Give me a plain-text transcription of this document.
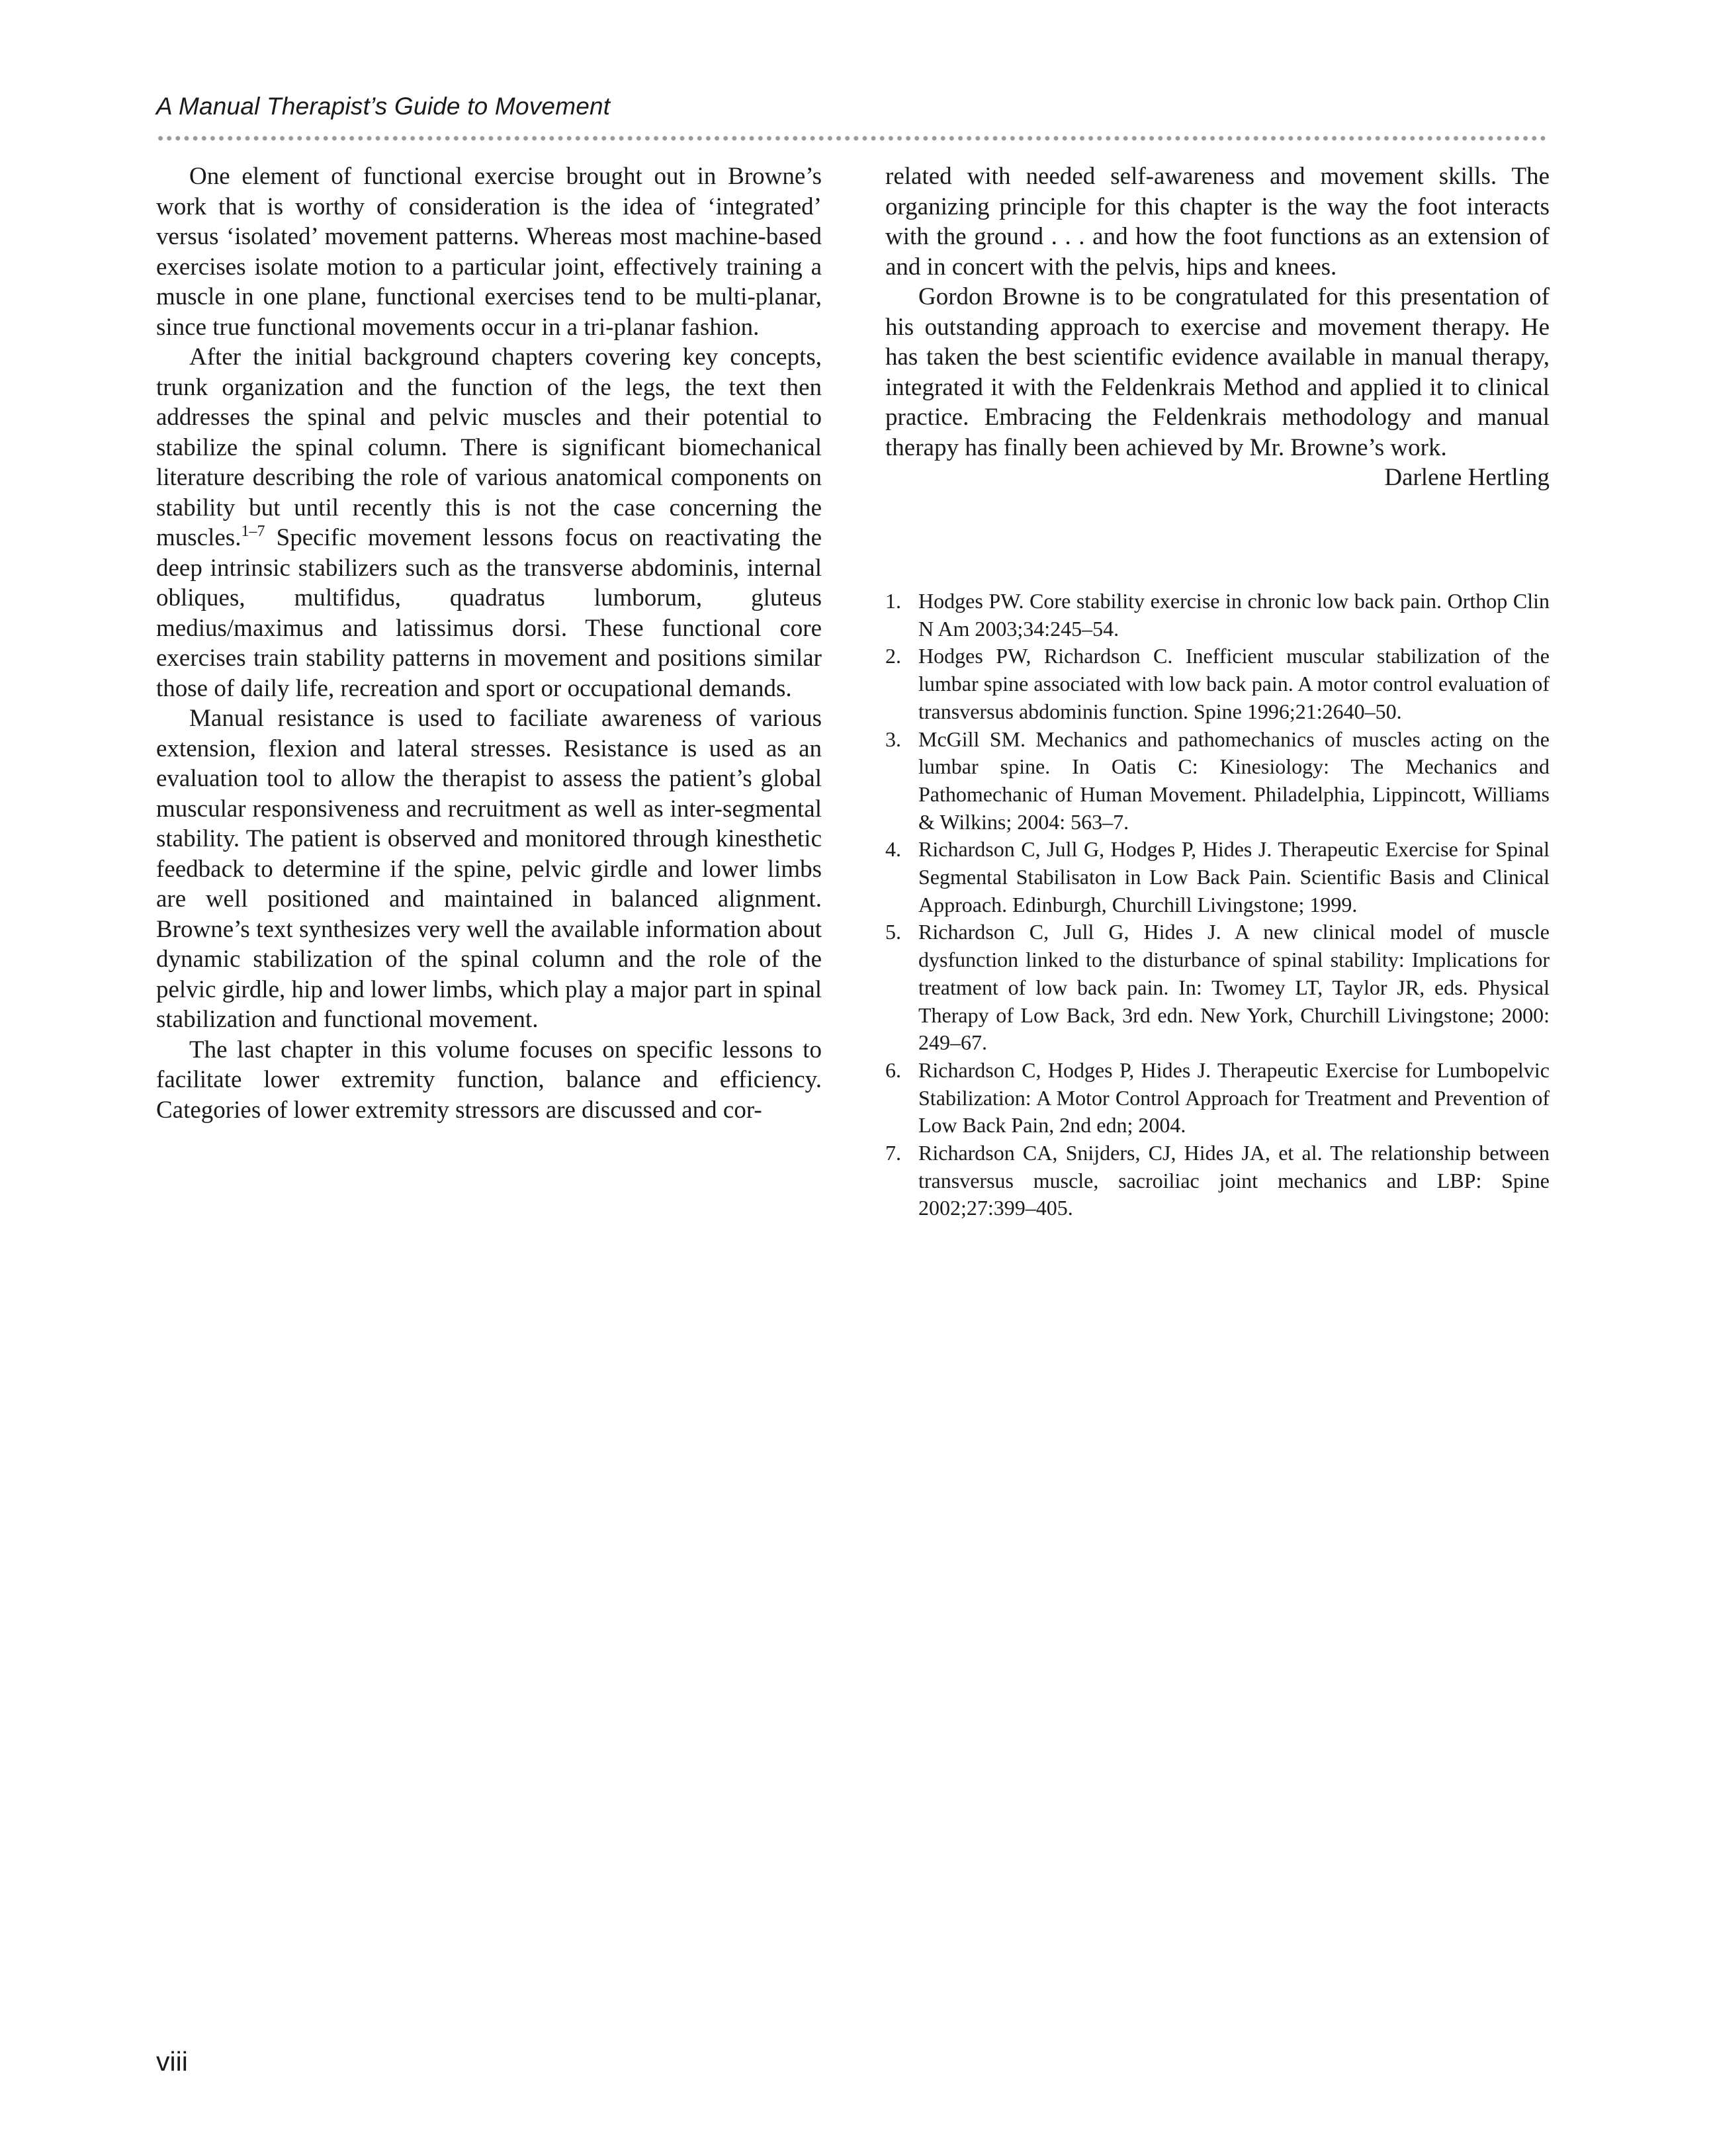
A Manual Therapist’s Guide to Movement

One element of functional exercise brought out in Browne’s work that is worthy of consideration is the idea of ‘integrated’ versus ‘isolated’ movement patterns. Whereas most machine-based exercises isolate motion to a particular joint, effectively training a muscle in one plane, functional exercises tend to be multi-planar, since true functional movements occur in a tri-planar fashion.

After the initial background chapters covering key concepts, trunk organization and the function of the legs, the text then addresses the spinal and pelvic muscles and their potential to stabilize the spinal column. There is significant biomechanical literature describing the role of various anatomical components on stability but until recently this is not the case concerning the muscles.$^{1-7}$ Specific movement lessons focus on reactivating the deep intrinsic stabilizers such as the transverse abdominis, internal obliques, multifidus, quadratus lumborum, gluteus medius/maximus and latissimus dorsi. These functional core exercises train stability patterns in movement and positions similar those of daily life, recreation and sport or occupational demands.

Manual resistance is used to faciliate awareness of various extension, flexion and lateral stresses. Resistance is used as an evaluation tool to allow the therapist to assess the patient’s global muscular responsiveness and recruitment as well as inter-segmental stability. The patient is observed and monitored through kinesthetic feedback to determine if the spine, pelvic girdle and lower limbs are well positioned and maintained in balanced alignment. Browne’s text synthesizes very well the available information about dynamic stabilization of the spinal column and the role of the pelvic girdle, hip and lower limbs, which play a major part in spinal stabilization and functional movement.

The last chapter in this volume focuses on specific lessons to facilitate lower extremity function, balance and efficiency. Categories of lower extremity stressors are discussed and cor-

related with needed self-awareness and movement skills. The organizing principle for this chapter is the way the foot interacts with the ground . . . and how the foot functions as an extension of and in concert with the pelvis, hips and knees.

Gordon Browne is to be congratulated for this presentation of his outstanding approach to exercise and movement therapy. He has taken the best scientific evidence available in manual therapy, integrated it with the Feldenkrais Method and applied it to clinical practice. Embracing the Feldenkrais methodology and manual therapy has finally been achieved by Mr. Browne’s work.

Darlene Hertling

1. Hodges PW. Core stability exercise in chronic low back pain. Orthop Clin N Am 2003;34:245–54.
2. Hodges PW, Richardson C. Inefficient muscular stabilization of the lumbar spine associated with low back pain. A motor control evaluation of transversus abdominis function. Spine 1996;21:2640–50.
3. McGill SM. Mechanics and pathomechanics of muscles acting on the lumbar spine. In Oatis C: Kinesiology: The Mechanics and Pathomechanic of Human Movement. Philadelphia, Lippincott, Williams & Wilkins; 2004: 563–7.
4. Richardson C, Jull G, Hodges P, Hides J. Therapeutic Exercise for Spinal Segmental Stabilisaton in Low Back Pain. Scientific Basis and Clinical Approach. Edinburgh, Churchill Livingstone; 1999.
5. Richardson C, Jull G, Hides J. A new clinical model of muscle dysfunction linked to the disturbance of spinal stability: Implications for treatment of low back pain. In: Twomey LT, Taylor JR, eds. Physical Therapy of Low Back, 3rd edn. New York, Churchill Livingstone; 2000: 249–67.
6. Richardson C, Hodges P, Hides J. Therapeutic Exercise for Lumbopelvic Stabilization: A Motor Control Approach for Treatment and Prevention of Low Back Pain, 2nd edn; 2004.
7. Richardson CA, Snijders, CJ, Hides JA, et al. The relationship between transversus muscle, sacroiliac joint mechanics and LBP: Spine 2002;27:399–405.
viii
